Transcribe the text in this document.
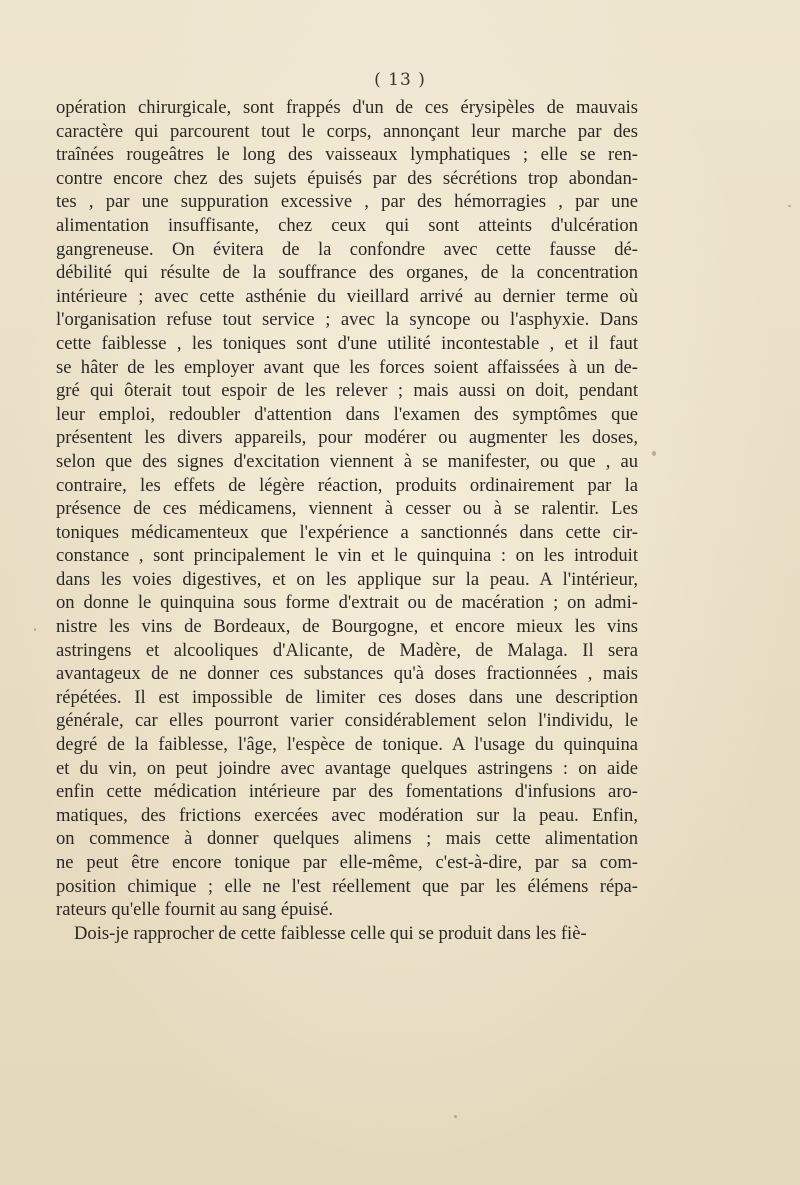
( 13 )
opération chirurgicale, sont frappés d'un de ces érysipèles de mauvais
caractère qui parcourent tout le corps, annonçant leur marche par des
traînées rougeâtres le long des vaisseaux lymphatiques ; elle se ren-
contre encore chez des sujets épuisés par des sécrétions trop abondan-
tes , par une suppuration excessive , par des hémorragies , par une
alimentation insuffisante, chez ceux qui sont atteints d'ulcération
gangreneuse. On évitera de la confondre avec cette fausse dé-
débilité qui résulte de la souffrance des organes, de la concentration
intérieure ; avec cette asthénie du vieillard arrivé au dernier terme où
l'organisation refuse tout service ; avec la syncope ou l'asphyxie. Dans
cette faiblesse , les toniques sont d'une utilité incontestable , et il faut
se hâter de les employer avant que les forces soient affaissées à un de-
gré qui ôterait tout espoir de les relever ; mais aussi on doit, pendant
leur emploi, redoubler d'attention dans l'examen des symptômes que
présentent les divers appareils, pour modérer ou augmenter les doses,
selon que des signes d'excitation viennent à se manifester, ou que , au
contraire, les effets de légère réaction, produits ordinairement par la
présence de ces médicamens, viennent à cesser ou à se ralentir. Les
toniques médicamenteux que l'expérience a sanctionnés dans cette cir-
constance , sont principalement le vin et le quinquina : on les introduit
dans les voies digestives, et on les applique sur la peau. A l'intérieur,
on donne le quinquina sous forme d'extrait ou de macération ; on admi-
nistre les vins de Bordeaux, de Bourgogne, et encore mieux les vins
astringens et alcooliques d'Alicante, de Madère, de Malaga. Il sera
avantageux de ne donner ces substances qu'à doses fractionnées , mais
répétées. Il est impossible de limiter ces doses dans une description
générale, car elles pourront varier considérablement selon l'individu, le
degré de la faiblesse, l'âge, l'espèce de tonique. A l'usage du quinquina
et du vin, on peut joindre avec avantage quelques astringens : on aide
enfin cette médication intérieure par des fomentations d'infusions aro-
matiques, des frictions exercées avec modération sur la peau. Enfin,
on commence à donner quelques alimens ; mais cette alimentation
ne peut être encore tonique par elle-même, c'est-à-dire, par sa com-
position chimique ; elle ne l'est réellement que par les élémens répa-
rateurs qu'elle fournit au sang épuisé.
Dois-je rapprocher de cette faiblesse celle qui se produit dans les fiè-
